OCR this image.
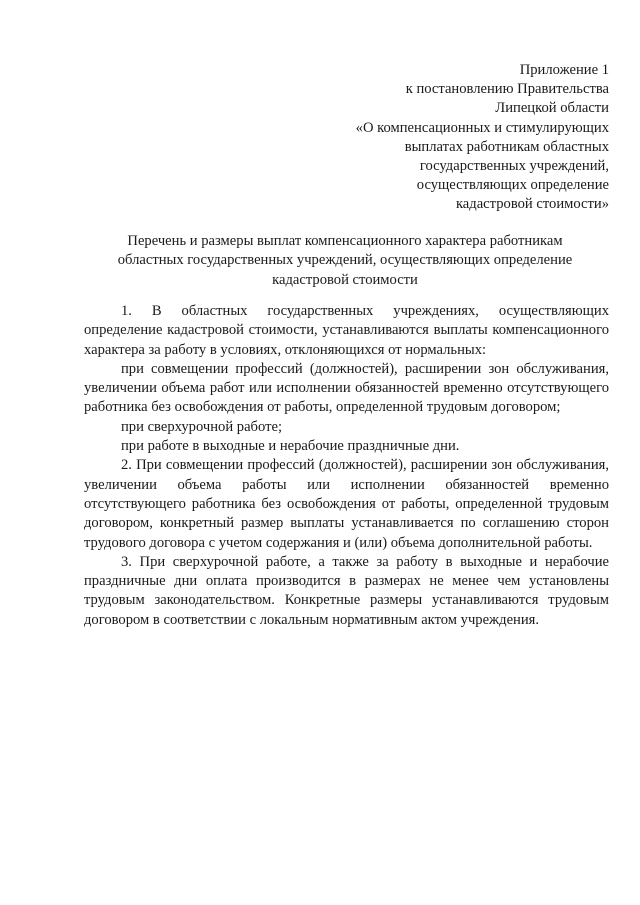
Приложение 1
к постановлению Правительства
Липецкой области
«О компенсационных и стимулирующих
выплатах работникам областных
государственных учреждений,
осуществляющих определение
кадастровой стоимости»
Перечень и размеры выплат компенсационного характера работникам
областных государственных учреждений, осуществляющих определение
кадастровой стоимости

1. В областных государственных учреждениях, осуществляющих определение кадастровой стоимости, устанавливаются выплаты компенсационного характера за работу в условиях, отклоняющихся от нормальных:

при совмещении профессий (должностей), расширении зон обслуживания, увеличении объема работ или исполнении обязанностей временно отсутствующего работника без освобождения от работы, определенной трудовым договором;

при сверхурочной работе;

при работе в выходные и нерабочие праздничные дни.

2. При совмещении профессий (должностей), расширении зон обслуживания, увеличении объема работы или исполнении обязанностей временно отсутствующего работника без освобождения от работы, определенной трудовым договором, конкретный размер выплаты устанавливается по соглашению сторон трудового договора с учетом содержания и (или) объема дополнительной работы.

3. При сверхурочной работе, а также за работу в выходные и нерабочие праздничные дни оплата производится в размерах не менее чем установлены трудовым законодательством. Конкретные размеры устанавливаются трудовым договором в соответствии с локальным нормативным актом учреждения.
